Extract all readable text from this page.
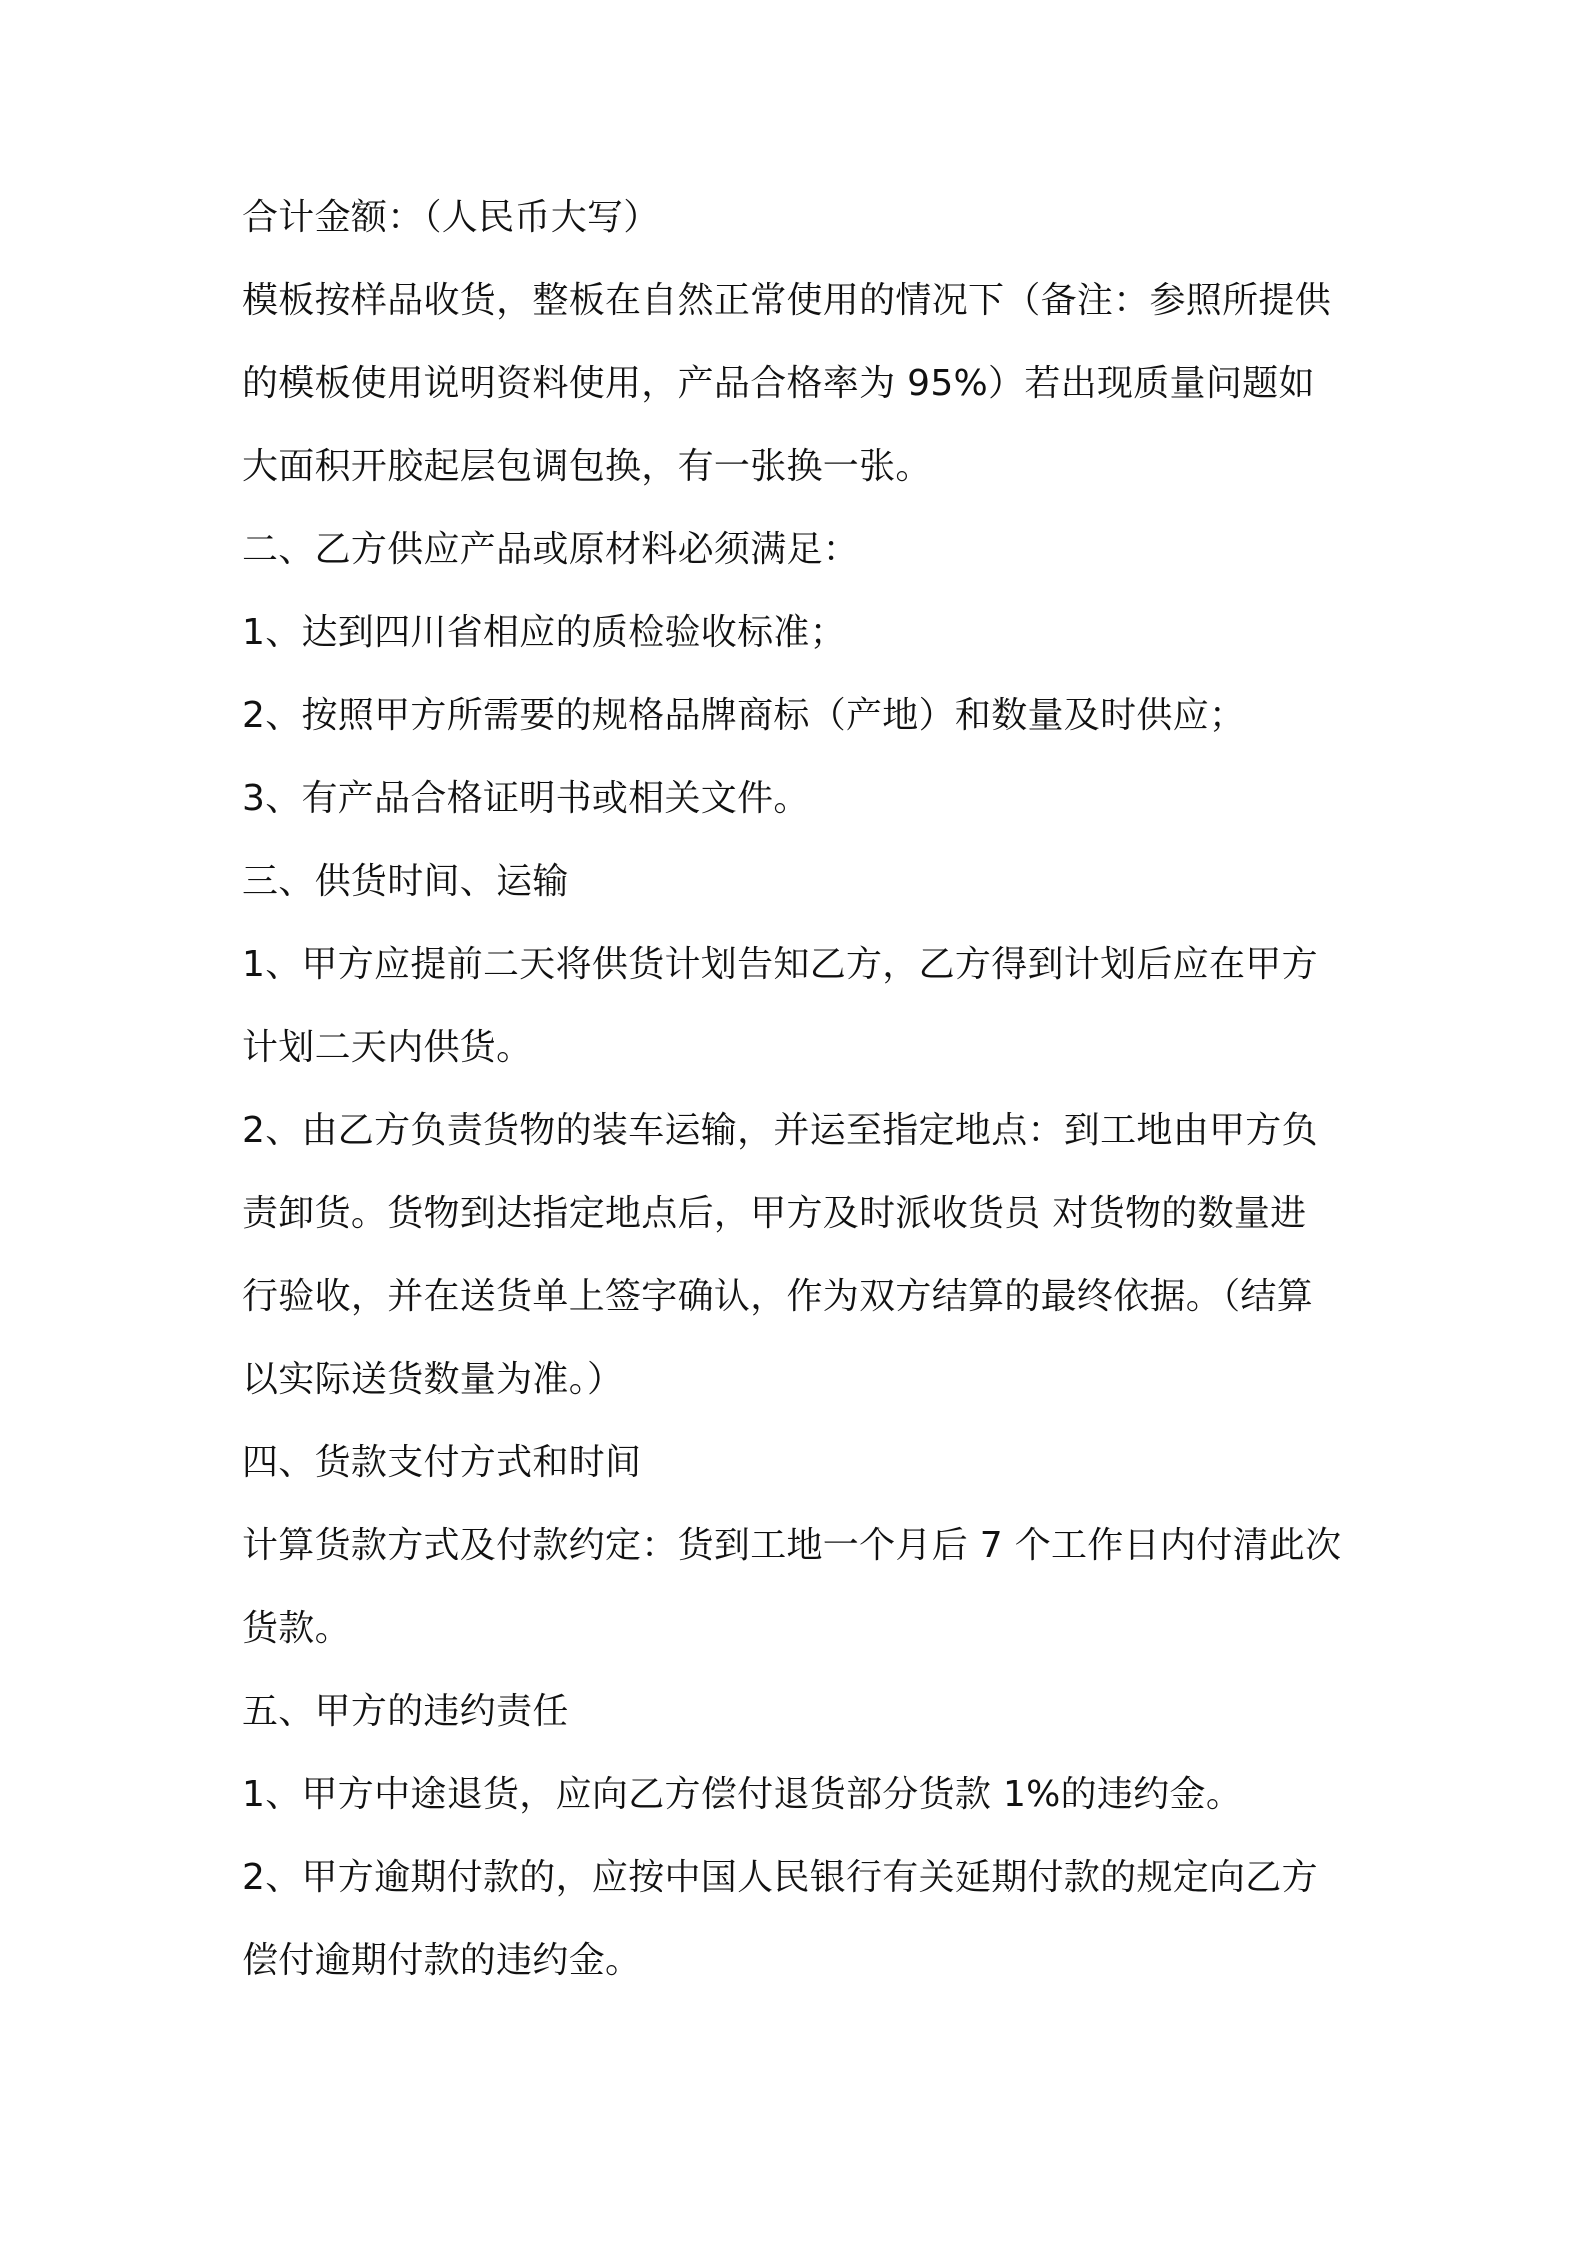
合计金额：（人民币大写）
模板按样品收货，整板在自然正常使用的情况下（备注：参照所提供
的模板使用说明资料使用，产品合格率为 95%）若出现质量问题如
大面积开胶起层包调包换，有一张换一张。
二、乙方供应产品或原材料必须满足：
1、达到四川省相应的质检验收标准；
2、按照甲方所需要的规格品牌商标（产地）和数量及时供应；
3、有产品合格证明书或相关文件。
三、供货时间、运输
1、甲方应提前二天将供货计划告知乙方，乙方得到计划后应在甲方
计划二天内供货。
2、由乙方负责货物的装车运输，并运至指定地点：到工地由甲方负
责卸货。货物到达指定地点后，甲方及时派收货员 对货物的数量进
行验收，并在送货单上签字确认，作为双方结算的最终依据。（结算
以实际送货数量为准。）
四、货款支付方式和时间
计算货款方式及付款约定：货到工地一个月后 7 个工作日内付清此次
货款。
五、甲方的违约责任
1、甲方中途退货，应向乙方偿付退货部分货款 1%的违约金。
2、甲方逾期付款的，应按中国人民银行有关延期付款的规定向乙方
偿付逾期付款的违约金。
